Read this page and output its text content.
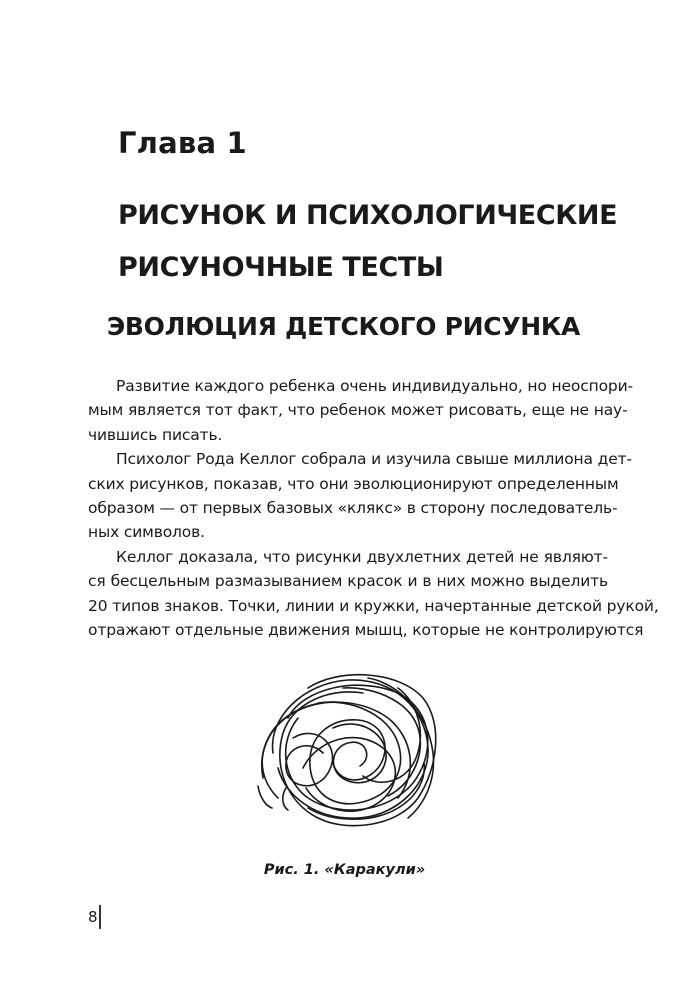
Глава 1
РИСУНОК И ПСИХОЛОГИЧЕСКИЕ
РИСУНОЧНЫЕ ТЕСТЫ
ЭВОЛЮЦИЯ ДЕТСКОГО РИСУНКА
Развитие каждого ребенка очень индивидуально, но неоспори-
мым является тот факт, что ребенок может рисовать, еще не нау-
чившись писать.
Психолог Рода Келлог собрала и изучила свыше миллиона дет-
ских рисунков, показав, что они эволюционируют определенным
образом — от первых базовых «клякс» в сторону последователь-
ных символов.
Келлог доказала, что рисунки двухлетних детей не являют-
ся бесцельным размазыванием красок и в них можно выделить
20 типов знаков. Точки, линии и кружки, начертанные детской рукой,
отражают отдельные движения мышц, которые не контролируются
Рис. 1. «Каракули»
8
